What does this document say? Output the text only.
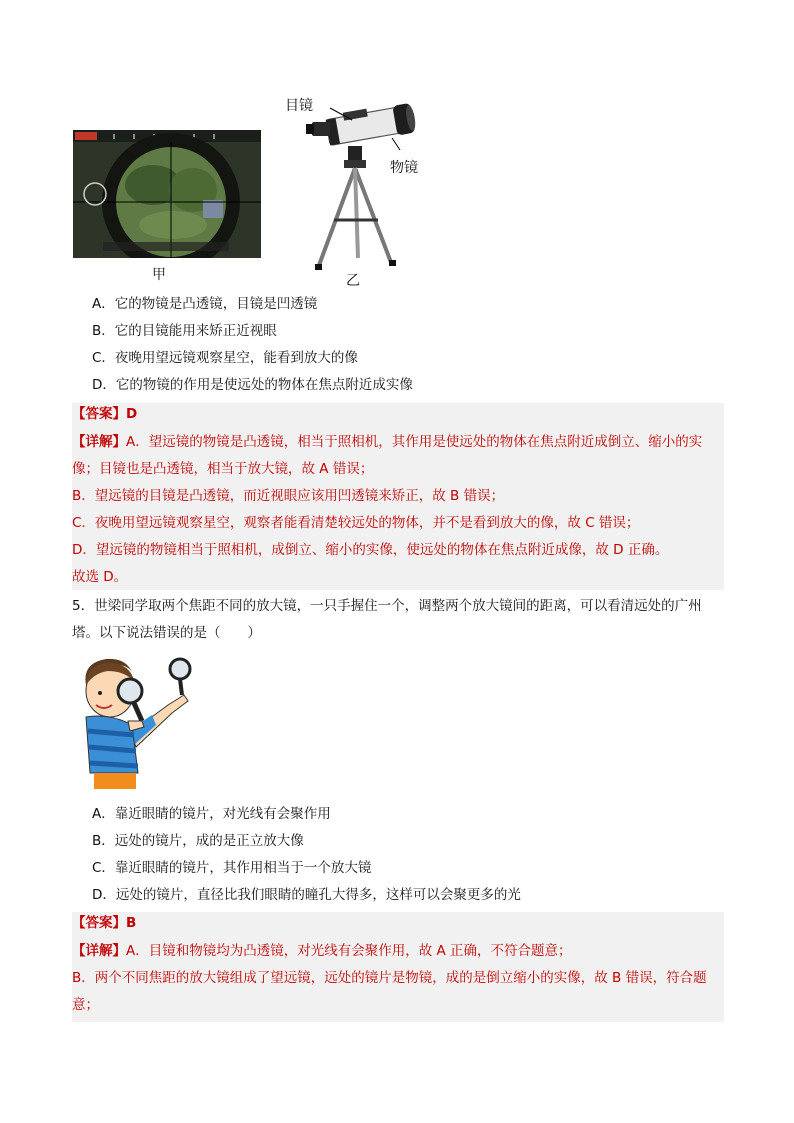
甲
目镜
物镜
乙
A．它的物镜是凸透镜，目镜是凹透镜
B．它的目镜能用来矫正近视眼
C．夜晚用望远镜观察星空，能看到放大的像
D．它的物镜的作用是使远处的物体在焦点附近成实像
【答案】D
【详解】A．望远镜的物镜是凸透镜，相当于照相机，其作用是使远处的物体在焦点附近成倒立、缩小的实
像；目镜也是凸透镜，相当于放大镜，故 A 错误；
B．望远镜的目镜是凸透镜，而近视眼应该用凹透镜来矫正，故 B 错误；
C．夜晚用望远镜观察星空，观察者能看清楚较远处的物体，并不是看到放大的像，故 C 错误；
D．望远镜的物镜相当于照相机，成倒立、缩小的实像，使远处的物体在焦点附近成像，故 D 正确。
故选 D。
5．世梁同学取两个焦距不同的放大镜，一只手握住一个，调整两个放大镜间的距离，可以看清远处的广州
塔。以下说法错误的是（　　）
A．靠近眼睛的镜片，对光线有会聚作用
B．远处的镜片，成的是正立放大像
C．靠近眼睛的镜片，其作用相当于一个放大镜
D．远处的镜片，直径比我们眼睛的瞳孔大得多，这样可以会聚更多的光
【答案】B
【详解】A．目镜和物镜均为凸透镜，对光线有会聚作用，故 A 正确，不符合题意；
B．两个不同焦距的放大镜组成了望远镜，远处的镜片是物镜，成的是倒立缩小的实像，故 B 错误，符合题
意；
